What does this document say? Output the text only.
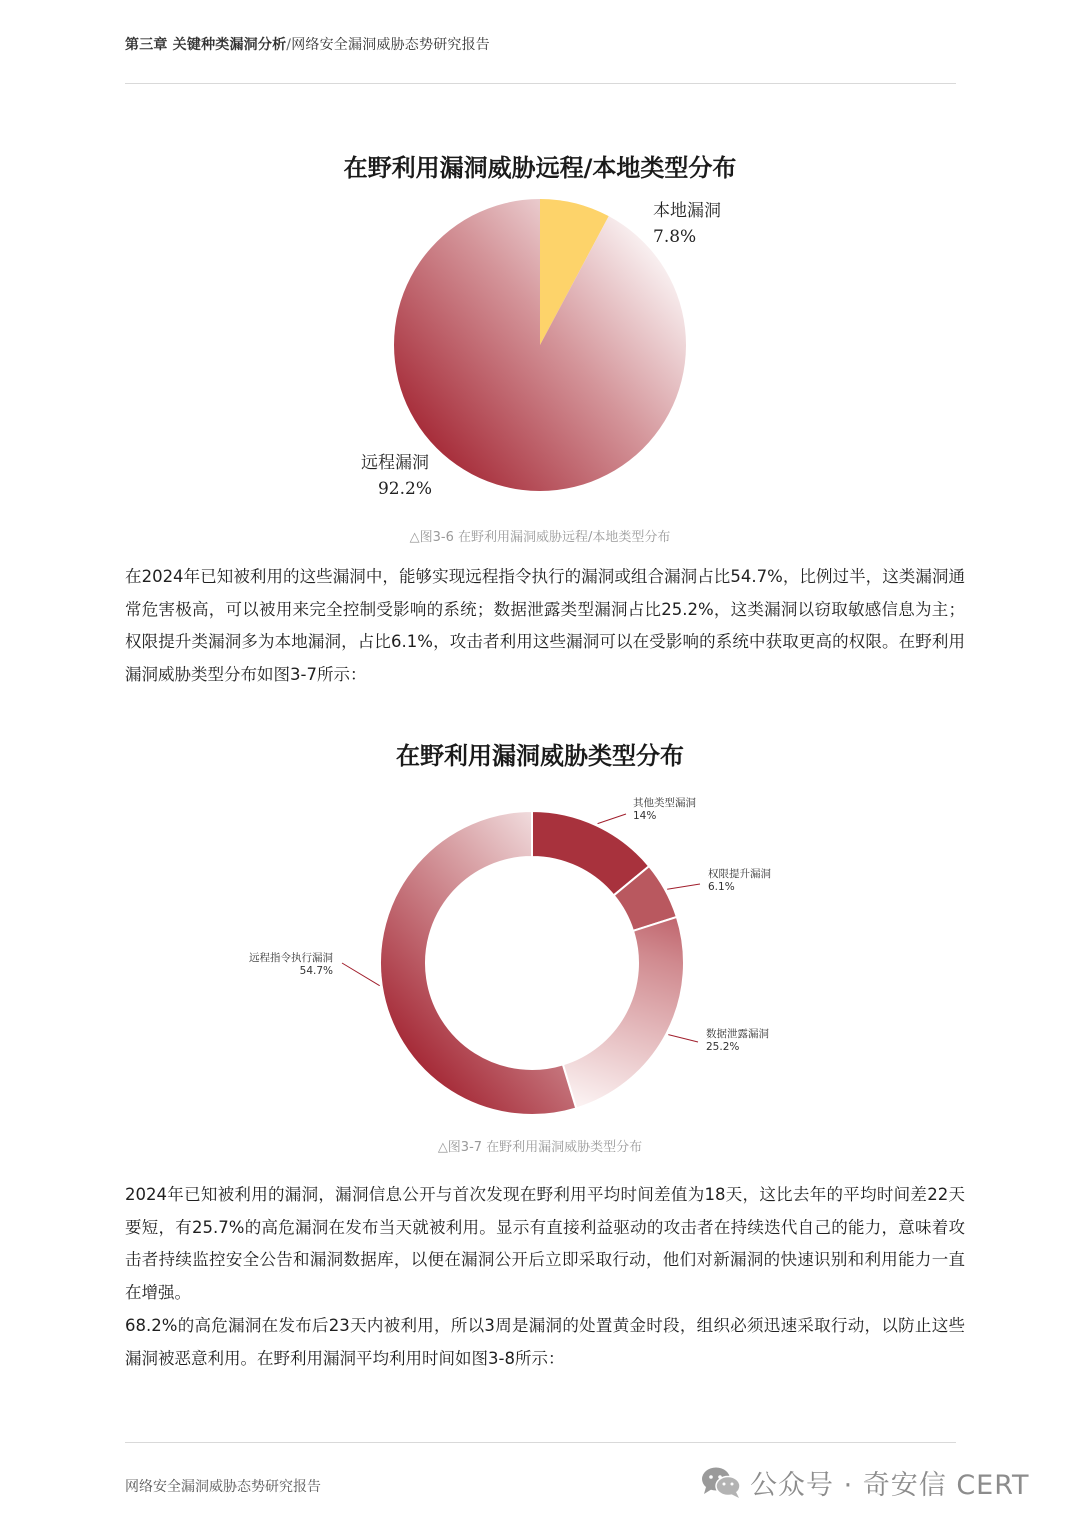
第三章 关键种类漏洞分析/网络安全漏洞威胁态势研究报告
在野利用漏洞威胁远程/本地类型分布
本地漏洞
7.8%
远程漏洞
92.2%
△图3-6 在野利用漏洞威胁远程/本地类型分布

在2024年已知被利用的这些漏洞中，能够实现远程指令执行的漏洞或组合漏洞占比54.7%，比例过半，这类漏洞通常危害极高，可以被用来完全控制受影响的系统；数据泄露类型漏洞占比25.2%，这类漏洞以窃取敏感信息为主；权限提升类漏洞多为本地漏洞，占比6.1%，攻击者利用这些漏洞可以在受影响的系统中获取更高的权限。在野利用漏洞威胁类型分布如图3-7所示：

在野利用漏洞威胁类型分布
其他类型漏洞
14%
权限提升漏洞
6.1%
数据泄露漏洞
25.2%
远程指令执行漏洞
54.7%
△图3-7 在野利用漏洞威胁类型分布

2024年已知被利用的漏洞，漏洞信息公开与首次发现在野利用平均时间差值为18天，这比去年的平均时间差22天要短，有25.7%的高危漏洞在发布当天就被利用。显示有直接利益驱动的攻击者在持续迭代自己的能力，意味着攻击者持续监控安全公告和漏洞数据库，以便在漏洞公开后立即采取行动，他们对新漏洞的快速识别和利用能力一直在增强。

68.2%的高危漏洞在发布后23天内被利用，所以3周是漏洞的处置黄金时段，组织必须迅速采取行动，以防止这些漏洞被恶意利用。在野利用漏洞平均利用时间如图3-8所示：

网络安全漏洞威胁态势研究报告	公众号 · 奇安信 CERT
